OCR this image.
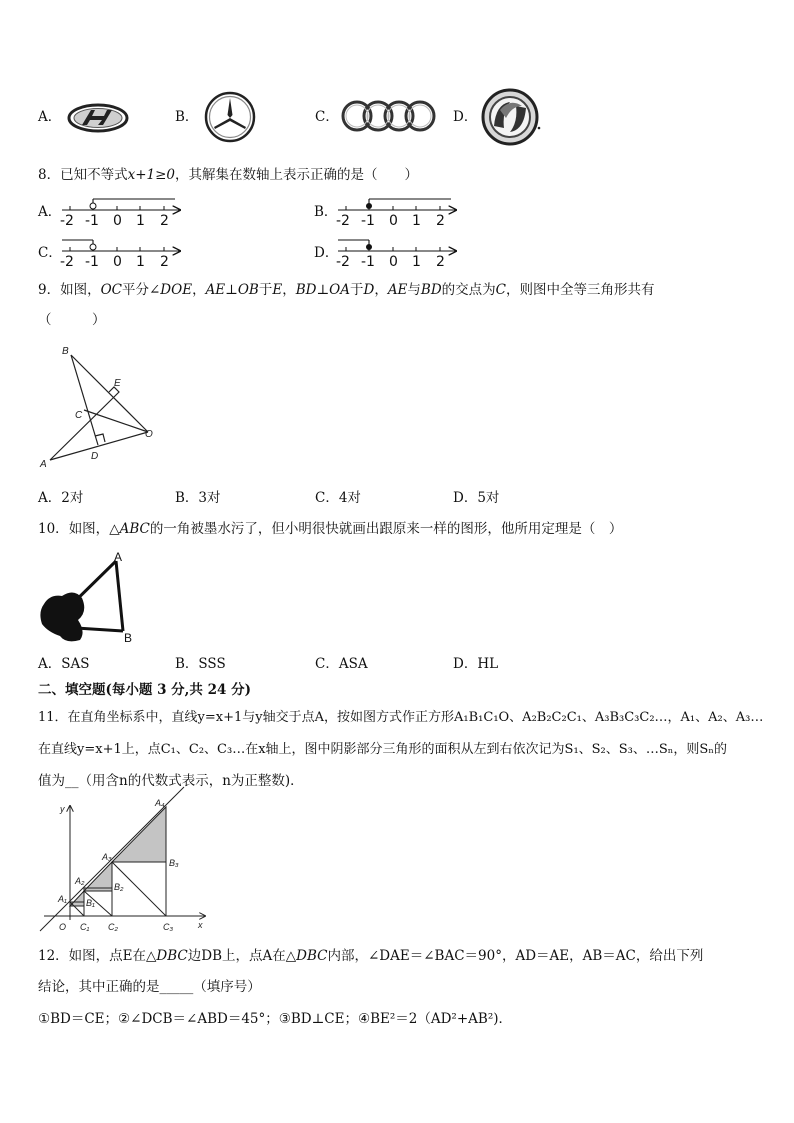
A．	B．	C．	D．
8．已知不等式x+1≥0，其解集在数轴上表示正确的是（　　）
A．
-2 -1 0 1 2
B．
-2 -1 0 1 2
C．
-2 -1 0 1 2
D．
-2 -1 0 1 2
9．如图，OC平分∠DOE，AE⊥OB于E，BD⊥OA于D，AE与BD的交点为C，则图中全等三角形共有
（　　　）
B
E
C
O
A
D
A．2对	B．3对	C．4对	D．5对
10．如图，△ABC的一角被墨水污了，但小明很快就画出跟原来一样的图形，他所用定理是（　）
A
B
A．SAS	B．SSS	C．ASA	D．HL
二、填空题(每小题 3 分,共 24 分)
11．在直角坐标系中，直线y=x+1与y轴交于点A，按如图方式作正方形A₁B₁C₁O、A₂B₂C₂C₁、A₃B₃C₃C₂…，A₁、A₂、A₃…
在直线y=x+1上，点C₁、C₂、C₃…在x轴上，图中阴影部分三角形的面积从左到右依次记为S₁、S₂、S₃、…Sₙ，则Sₙ的
值为__（用含n的代数式表示，n为正整数)．
y
x
O
A₁
A₂
A₃
A₄
B₁
B₂
B₃
C₁ C₂	C₃
12．如图，点E在△DBC边DB上，点A在△DBC内部，∠DAE＝∠BAC＝90°，AD＝AE，AB＝AC，给出下列
结论，其中正确的是_____（填序号）
①BD＝CE；②∠DCB＝∠ABD＝45°；③BD⊥CE；④BE²＝2（AD²+AB²)．
